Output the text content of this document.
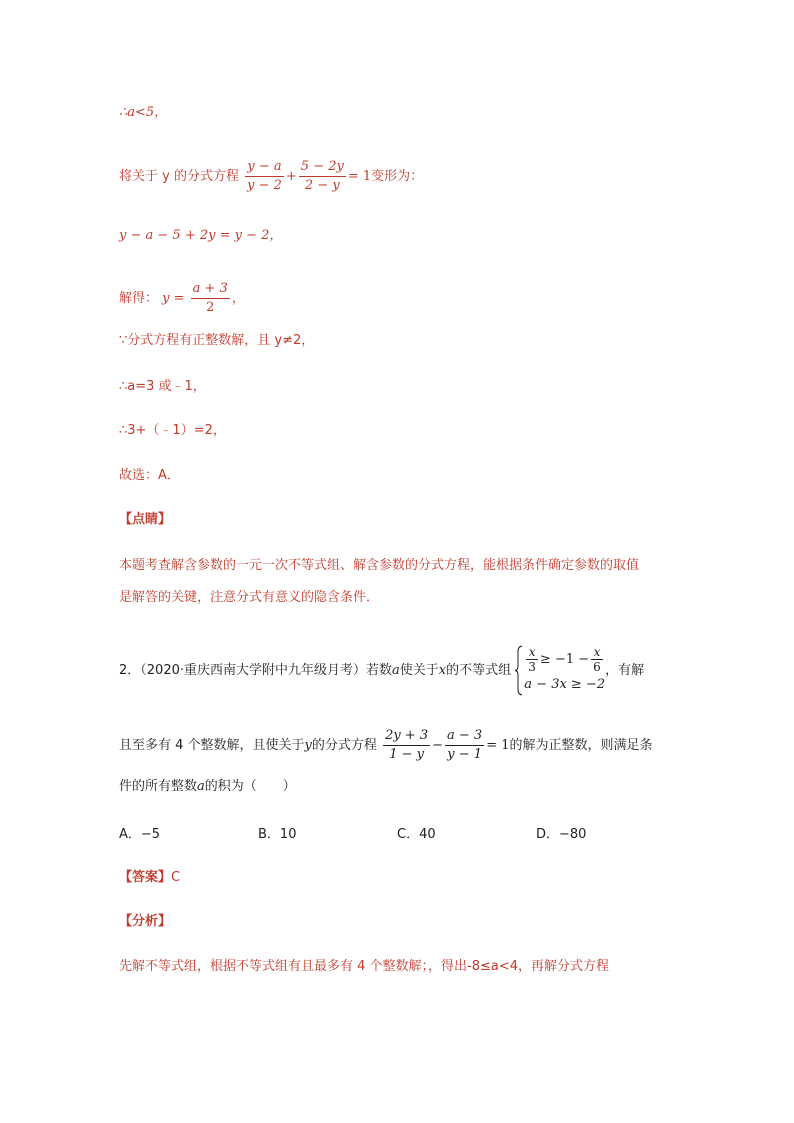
∴a<5，
将关于 y 的分式方程 $\frac{y - a}{y - 2} + \frac{5 - 2y}{2 - y} = 1$变形为：
y − a − 5 + 2y = y − 2，
解得： $y = \frac{a + 3}{2}$ ，
∵分式方程有正整数解，且 y≠2，
∴a=3 或﹣1，
∴3+（﹣1）=2，
故选：A．
【点睛】
本题考查解含参数的一元一次不等式组、解含参数的分式方程，能根据条件确定参数的取值
是解答的关键，注意分式有意义的隐含条件．
2．（2020·重庆西南大学附中九年级月考）若数a使关于x的不等式组 $\frac{x}{3} \ge -1 - \frac{x}{6}$
a − 3x ≥ −2
，有解
且至多有 4 个整数解，且使关于y的分式方程 $\frac{2y + 3}{1 - y} - \frac{a - 3}{y - 1} = 1$的解为正整数，则满足条
件的所有整数a的积为（　　）
A．−5	B．10	C．40	D．−80
【答案】C
【分析】
先解不等式组，根据不等式组有且最多有 4 个整数解；，得出-8≤a<4，再解分式方程
